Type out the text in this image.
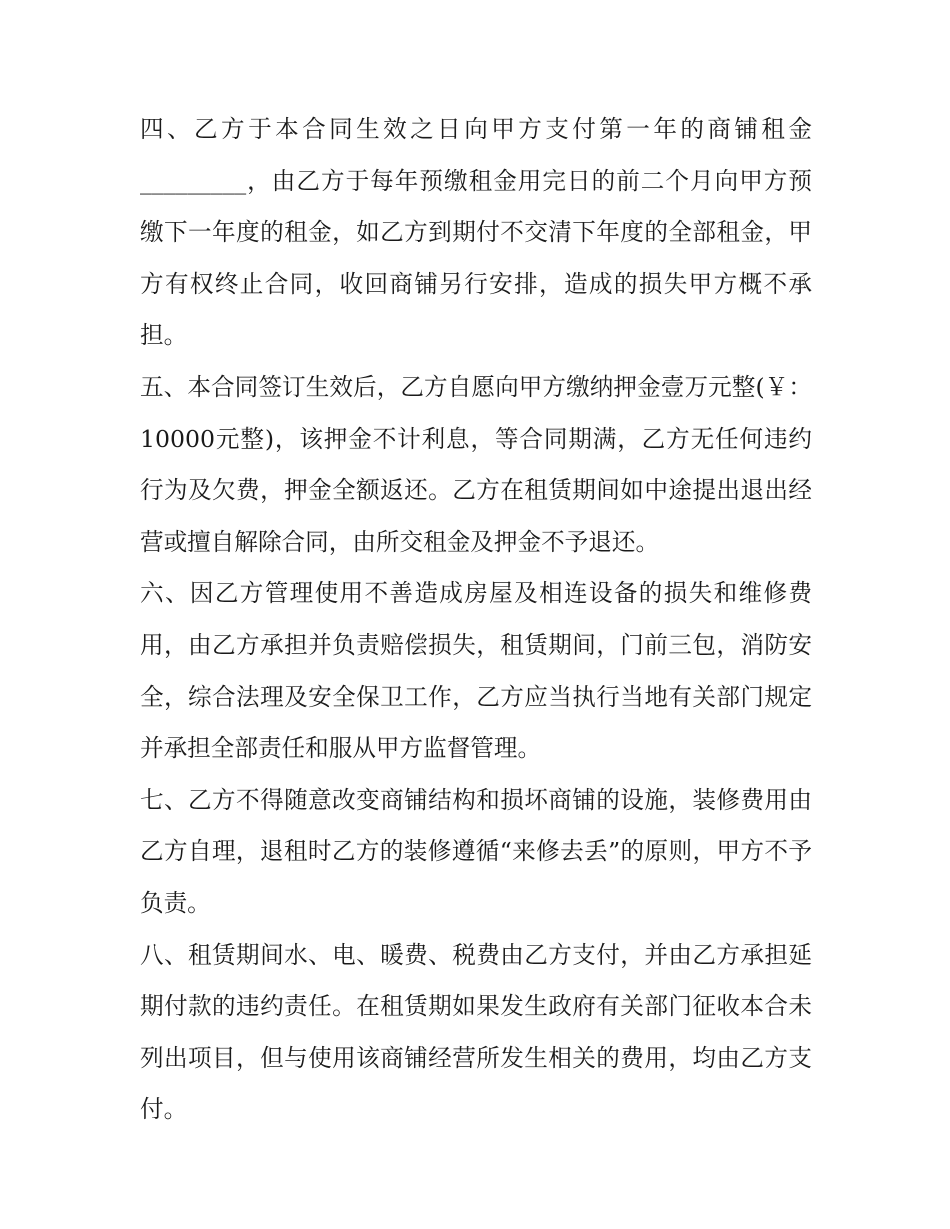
四、乙方于本合同生效之日向甲方支付第一年的商铺租金_________，由乙方于每年预缴租金用完日的前二个月向甲方预缴下一年度的租金，如乙方到期付不交清下年度的全部租金，甲方有权终止合同，收回商铺另行安排，造成的损失甲方概不承担。

五、本合同签订生效后，乙方自愿向甲方缴纳押金壹万元整(￥：10000元整)，该押金不计利息，等合同期满，乙方无任何违约行为及欠费，押金全额返还。乙方在租赁期间如中途提出退出经营或擅自解除合同，由所交租金及押金不予退还。

六、因乙方管理使用不善造成房屋及相连设备的损失和维修费用，由乙方承担并负责赔偿损失，租赁期间，门前三包，消防安全，综合法理及安全保卫工作，乙方应当执行当地有关部门规定并承担全部责任和服从甲方监督管理。

七、乙方不得随意改变商铺结构和损坏商铺的设施，装修费用由乙方自理，退租时乙方的装修遵循“来修去丢”的原则，甲方不予负责。

八、租赁期间水、电、暖费、税费由乙方支付，并由乙方承担延期付款的违约责任。在租赁期如果发生政府有关部门征收本合未列出项目，但与使用该商铺经营所发生相关的费用，均由乙方支付。
